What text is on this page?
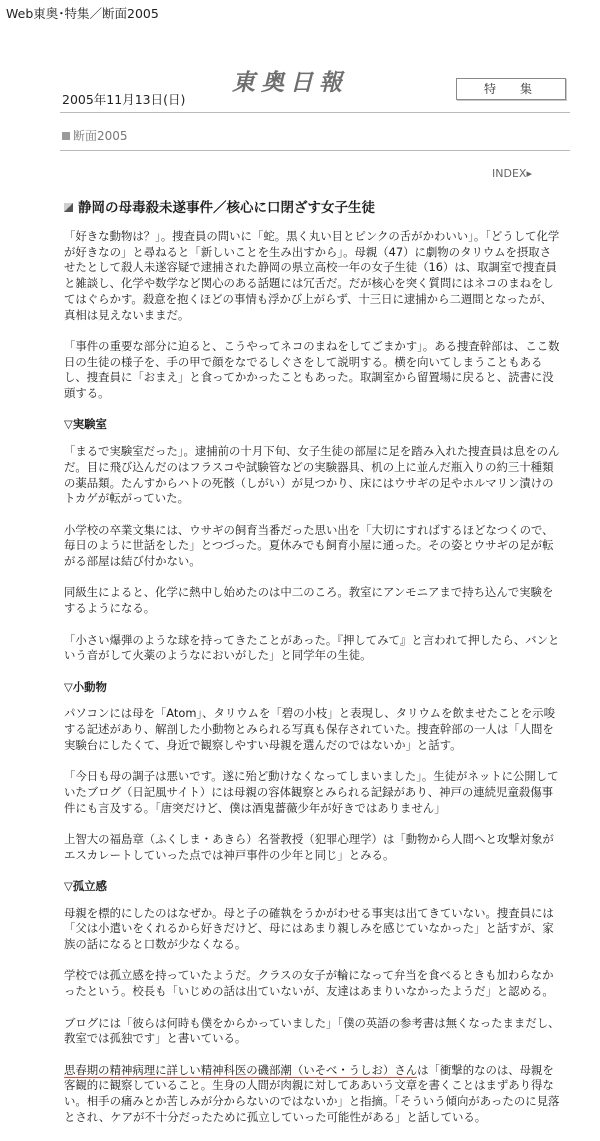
Web東奥･特集／断面2005
2005年11月13日(日)
東奥日報	特　集
断面2005
INDEX▸
静岡の母毒殺未遂事件／核心に口閉ざす女子生徒

「好きな動物は？」。捜査員の問いに「蛇。黒く丸い目とピンクの舌がかわいい」。「どうして化学が好きなの」と尋ねると「新しいことを生み出すから」。母親（47）に劇物のタリウムを摂取させたとして殺人未遂容疑で逮捕された静岡の県立高校一年の女子生徒（16）は、取調室で捜査員と雑談し、化学や数学など関心のある話題には冗舌だ。だが核心を突く質問にはネコのまねをしてはぐらかす。殺意を抱くほどの事情も浮かび上がらず、十三日に逮捕から二週間となったが、真相は見えないままだ。

「事件の重要な部分に迫ると、こうやってネコのまねをしてごまかす」。ある捜査幹部は、ここ数日の生徒の様子を、手の甲で顔をなでるしぐさをして説明する。横を向いてしまうこともあるし、捜査員に「おまえ」と食ってかかったこともあった。取調室から留置場に戻ると、読書に没頭する。

▽実験室

「まるで実験室だった」。逮捕前の十月下旬、女子生徒の部屋に足を踏み入れた捜査員は息をのんだ。目に飛び込んだのはフラスコや試験管などの実験器具、机の上に並んだ瓶入りの約三十種類の薬品類。たんすからハトの死骸（しがい）が見つかり、床にはウサギの足やホルマリン漬けのトカゲが転がっていた。

小学校の卒業文集には、ウサギの飼育当番だった思い出を「大切にすればするほどなつくので、毎日のように世話をした」とつづった。夏休みでも飼育小屋に通った。その姿とウサギの足が転がる部屋は結び付かない。

同級生によると、化学に熱中し始めたのは中二のころ。教室にアンモニアまで持ち込んで実験をするようになる。

「小さい爆弾のような球を持ってきたことがあった。『押してみて』と言われて押したら、バンという音がして火薬のようなにおいがした」と同学年の生徒。

▽小動物

パソコンには母を「Atom」、タリウムを「碧の小枝」と表現し、タリウムを飲ませたことを示唆する記述があり、解剖した小動物とみられる写真も保存されていた。捜査幹部の一人は「人間を実験台にしたくて、身近で観察しやすい母親を選んだのではないか」と話す。

「今日も母の調子は悪いです。遂に殆ど動けなくなってしまいました」。生徒がネットに公開していたブログ（日記風サイト）には母親の容体観察とみられる記録があり、神戸の連続児童殺傷事件にも言及する。「唐突だけど、僕は酒鬼薔薇少年が好きではありません」

上智大の福島章（ふくしま・あきら）名誉教授（犯罪心理学）は「動物から人間へと攻撃対象がエスカレートしていった点では神戸事件の少年と同じ」とみる。

▽孤立感

母親を標的にしたのはなぜか。母と子の確執をうかがわせる事実は出てきていない。捜査員には「父は小遣いをくれるから好きだけど、母にはあまり親しみを感じていなかった」と話すが、家族の話になると口数が少なくなる。

学校では孤立感を持っていたようだ。クラスの女子が輪になって弁当を食べるときも加わらなかったという。校長も「いじめの話は出ていないが、友達はあまりいなかったようだ」と認める。

ブログには「彼らは何時も僕をからかっていました」「僕の英語の参考書は無くなったままだし、教室では孤独です」と書いている。

思春期の精神病理に詳しい精神科医の磯部潮（いそべ・うしお）さんは「衝撃的なのは、母親を客観的に観察していること。生身の人間が肉親に対してああいう文章を書くことはまずあり得ない。相手の痛みとか苦しみが分からないのではないか」と指摘。「そういう傾向があったのに見落とされ、ケアが不十分だったために孤立していった可能性がある」と話している。
